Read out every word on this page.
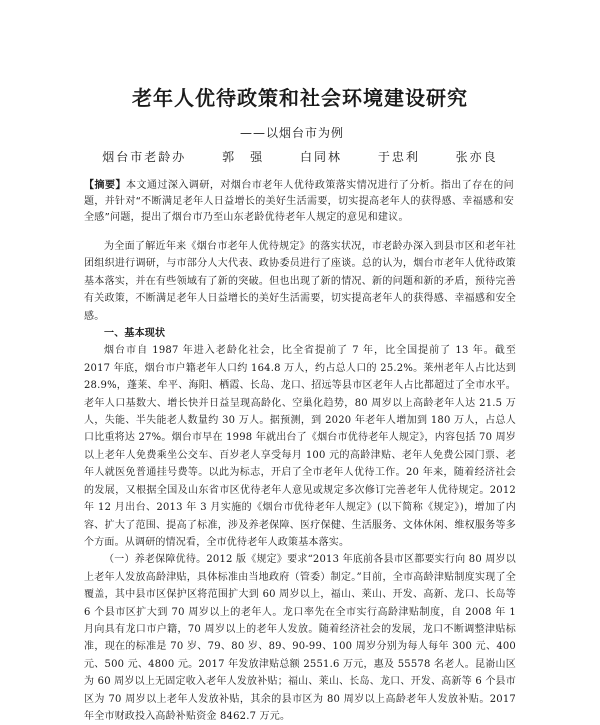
老年人优待政策和社会环境建设研究
——以烟台市为例
烟台市老龄办	郭　强	白同林	于忠利	张亦良
【摘要】本文通过深入调研，对烟台市老年人优待政策落实情况进行了分析。指出了存在的问题，并针对“不断满足老年人日益增长的美好生活需要，切实提高老年人的获得感、幸福感和安全感”问题，提出了烟台市乃至山东老龄优待老年人规定的意见和建议。

为全面了解近年来《烟台市老年人优待规定》的落实状况，市老龄办深入到县市区和老年社团组织进行调研，与市部分人大代表、政协委员进行了座谈。总的认为，烟台市老年人优待政策基本落实，并在有些领域有了新的突破。但也出现了新的情况、新的问题和新的矛盾，预待完善有关政策，不断满足老年人日益增长的美好生活需要，切实提高老年人的获得感、幸福感和安全感。

一、基本现状

烟台市自 1987 年进入老龄化社会，比全省提前了 7 年，比全国提前了 13 年。截至 2017 年底，烟台市户籍老年人口约 164.8 万人，约占总人口的 25.2%。莱州老年人占比达到 28.9%，蓬莱、牟平、海阳、栖霞、长岛、龙口、招远等县市区老年人占比都超过了全市水平。老年人口基数大、增长快并日益呈现高龄化、空巢化趋势，80 周岁以上高龄老年人达 21.5 万人，失能、半失能老人数量约 30 万人。据预测，到 2020 年老年人增加到 180 万人，占总人口比重将达 27%。烟台市早在 1998 年就出台了《烟台市优待老年人规定》，内容包括 70 周岁以上老年人免费乘坐公交车、百岁老人享受每月 100 元的高龄津贴、老年人免费公园门票、老年人就医免普通挂号费等。以此为标志，开启了全市老年人优待工作。20 年来，随着经济社会的发展，又根据全国及山东省市区优待老年人意见或规定多次修订完善老年人优待规定。2012 年 12 月出台、2013 年 3 月实施的《烟台市优待老年人规定》(以下简称《规定》)，增加了内容、扩大了范围、提高了标准，涉及养老保障、医疗保健、生活服务、文体休闲、维权服务等多个方面。从调研的情况看，全市优待老年人政策基本落实。

（一）养老保障优待。2012 版《规定》要求“2013 年底前各县市区都要实行向 80 周岁以上老年人发放高龄津贴，具体标准由当地政府（管委）制定。”目前，全市高龄津贴制度实现了全覆盖，其中县市区保护区将范围扩大到 60 周岁以上，福山、莱山、开发、高新、龙口、长岛等 6 个县市区扩大到 70 周岁以上的老年人。龙口率先在全市实行高龄津贴制度，自 2008 年 1 月向具有龙口市户籍，70 周岁以上的老年人发放。随着经济社会的发展，龙口不断调整津贴标准，现在的标准是 70 岁、79、80 岁、89、90-99、100 周岁分别为每人每年 300 元、400 元、500 元、4800 元。2017 年发放津贴总额 2551.6 万元，惠及 55578 名老人。昆嵛山区为 60 周岁以上无固定收入老年人发放补贴；福山、莱山、长岛、龙口、开发、高新等 6 个县市区为 70 周岁以上老年人发放补贴，其余的县市区为 80 周岁以上高龄老年人发放补贴。2017 年全市财政投入高龄补贴资金 8462.7 万元。
